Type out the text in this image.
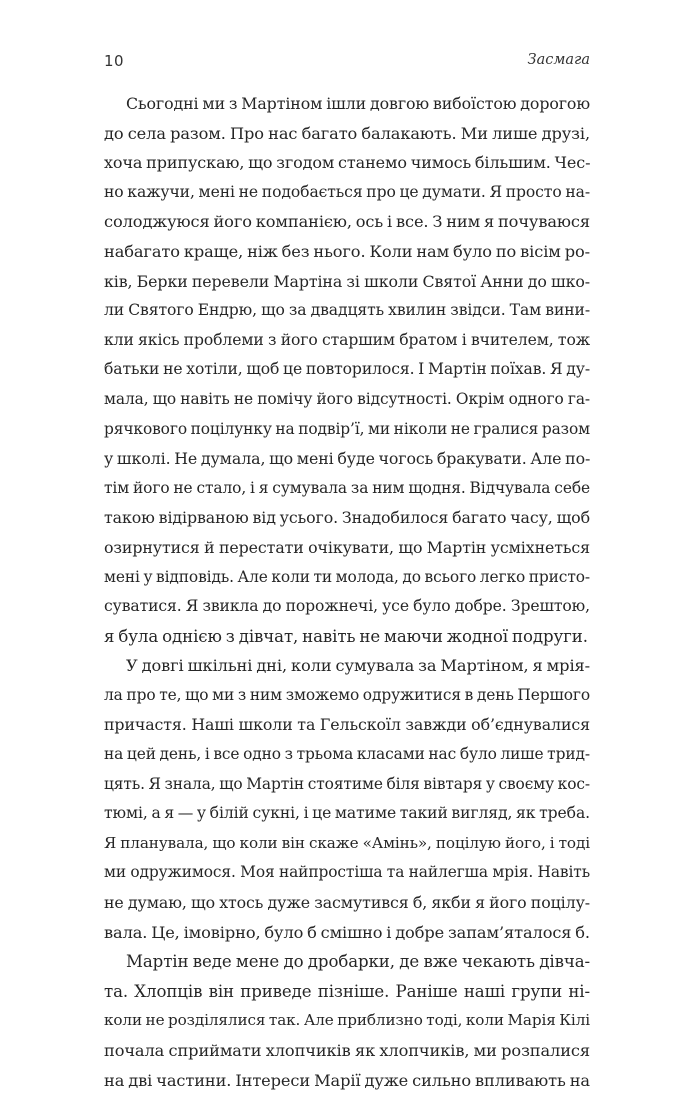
10	Засмага
Сьогодні ми з Мартіном ішли довгою вибоїстою дорогою
до села разом. Про нас багато балакають. Ми лише друзі,
хоча припускаю, що згодом станемо чимось більшим. Чес-
но кажучи, мені не подобається про це думати. Я просто на-
солоджуюся його компанією, ось і все. З ним я почуваюся
набагато краще, ніж без нього. Коли нам було по вісім ро-
ків, Берки перевели Мартіна зі школи Святої Анни до шко-
ли Святого Ендрю, що за двадцять хвилин звідси. Там вини-
кли якісь проблеми з його старшим братом і вчителем, тож
батьки не хотіли, щоб це повторилося. І Мартін поїхав. Я ду-
мала, що навіть не помічу його відсутності. Окрім одного га-
рячкового поцілунку на подвір’ї, ми ніколи не гралися разом
у школі. Не думала, що мені буде чогось бракувати. Але по-
тім його не стало, і я сумувала за ним щодня. Відчувала себе
такою відірваною від усього. Знадобилося багато часу, щоб
озирнутися й перестати очікувати, що Мартін усміхнеться
мені у відповідь. Але коли ти молода, до всього легко присто-
суватися. Я звикла до порожнечі, усе було добре. Зрештою,
я була однією з дівчат, навіть не маючи жодної подруги.
У довгі шкільні дні, коли сумувала за Мартіном, я мрія-
ла про те, що ми з ним зможемо одружитися в день Першого
причастя. Наші школи та Гельскоїл завжди об’єднувалися
на цей день, і все одно з трьома класами нас було лише трид-
цять. Я знала, що Мартін стоятиме біля вівтаря у своєму кос-
тюмі, а я — у білій сукні, і це матиме такий вигляд, як треба.
Я планувала, що коли він скаже «Амінь», поцілую його, і тоді
ми одружимося. Моя найпростіша та найлегша мрія. Навіть
не думаю, що хтось дуже засмутився б, якби я його поцілу-
вала. Це, імовірно, було б смішно і добре запам’яталося б.
Мартін веде мене до дробарки, де вже чекають дівча-
та. Хлопців він приведе пізніше. Раніше наші групи ні-
коли не розділялися так. Але приблизно тоді, коли Марія Кілі
почала сприймати хлопчиків як хлопчиків, ми розпалися
на дві частини. Інтереси Марії дуже сильно впливають на
